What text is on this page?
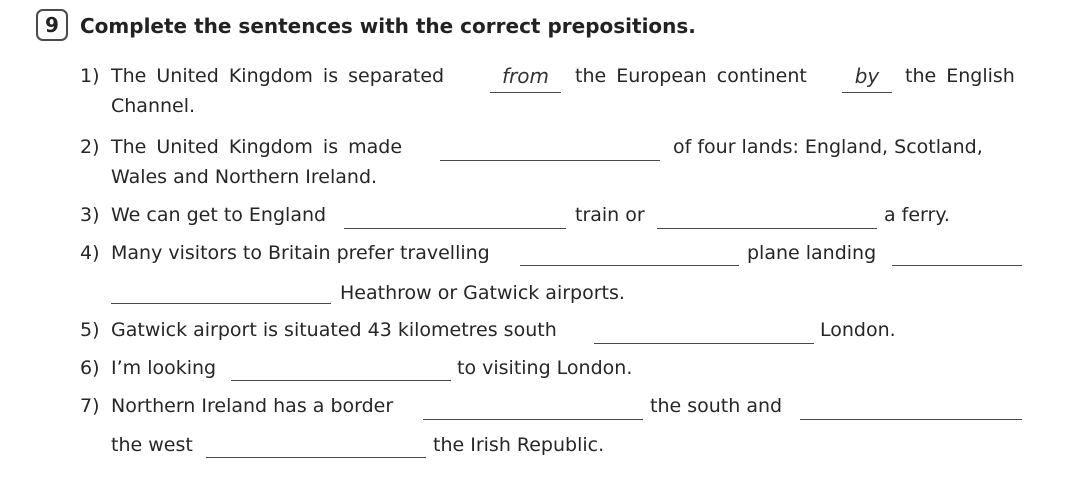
9	Complete the sentences with the correct prepositions.
1) The United Kingdom is separated	from	the European continent	by	the English
Channel.
2) The United Kingdom is made	of four lands: England, Scotland,
Wales and Northern Ireland.
3) We can get to England	train or	a ferry.
4) Many visitors to Britain prefer travelling	plane landing
Heathrow or Gatwick airports.
5) Gatwick airport is situated 43 kilometres south	London.
6) I’m looking	to visiting London.
7) Northern Ireland has a border	the south and
the west	the Irish Republic.
